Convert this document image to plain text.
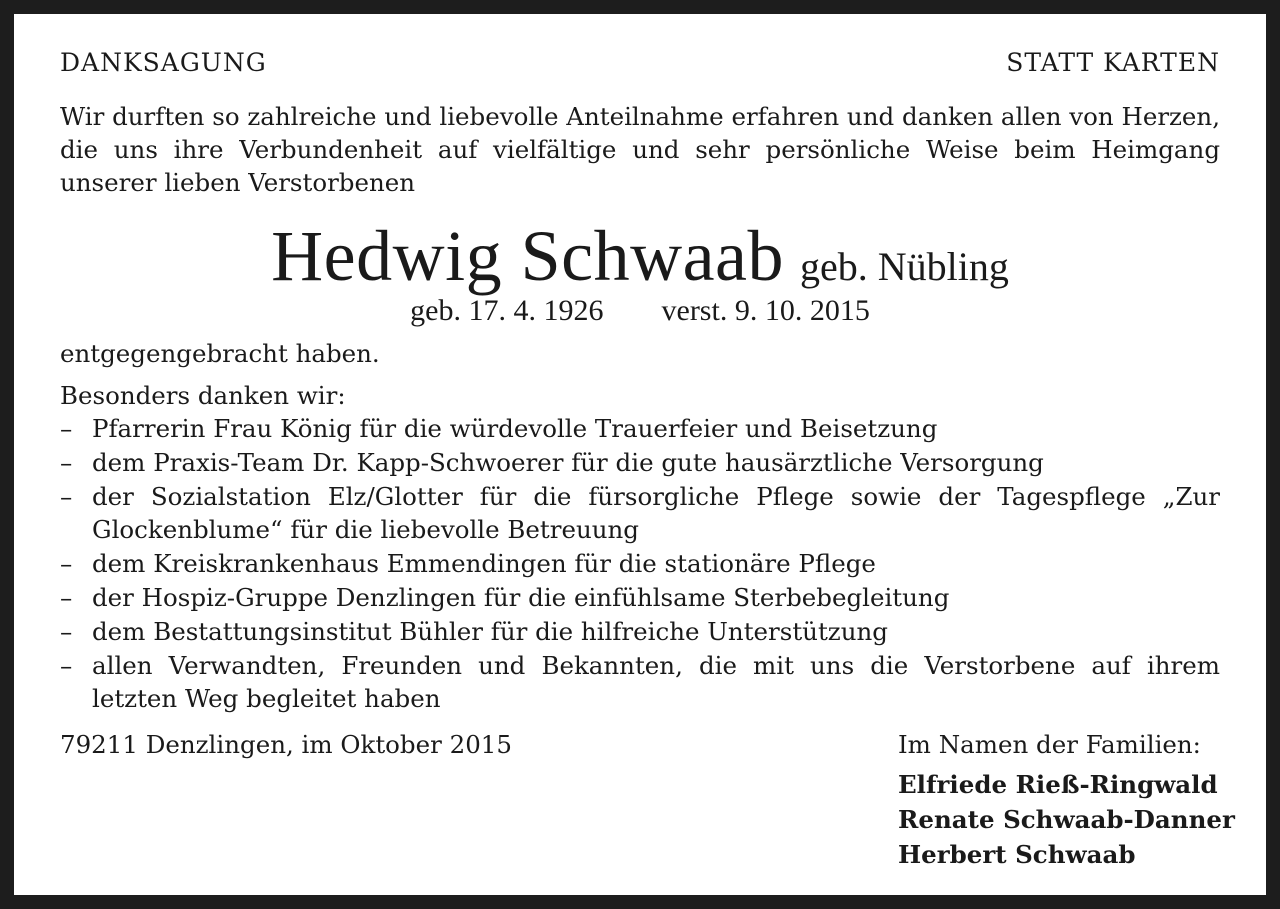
DANKSAGUNG	STATT KARTEN
Wir durften so zahlreiche und liebevolle Anteilnahme erfahren und danken allen von Herzen, die uns ihre Verbundenheit auf vielfältige und sehr persönliche Weise beim Heimgang unserer lieben Verstorbenen
Hedwig Schwaab geb. Nübling
geb. 17. 4. 1926 verst. 9. 10. 2015
entgegengebracht haben.
Besonders danken wir:
– Pfarrerin Frau König für die würdevolle Trauerfeier und Beisetzung
– dem Praxis-Team Dr. Kapp-Schwoerer für die gute hausärztliche Versorgung
– der Sozialstation Elz/Glotter für die fürsorgliche Pflege sowie der Tagespflege „Zur Glockenblume“ für die liebevolle Betreuung
– dem Kreiskrankenhaus Emmendingen für die stationäre Pflege
– der Hospiz-Gruppe Denzlingen für die einfühlsame Sterbebegleitung
– dem Bestattungsinstitut Bühler für die hilfreiche Unterstützung
– allen Verwandten, Freunden und Bekannten, die mit uns die Verstorbene auf ihrem letzten Weg begleitet haben
79211 Denzlingen, im Oktober 2015	Im Namen der Familien:
Elfriede Rieß-Ringwald
Renate Schwaab-Danner
Herbert Schwaab
